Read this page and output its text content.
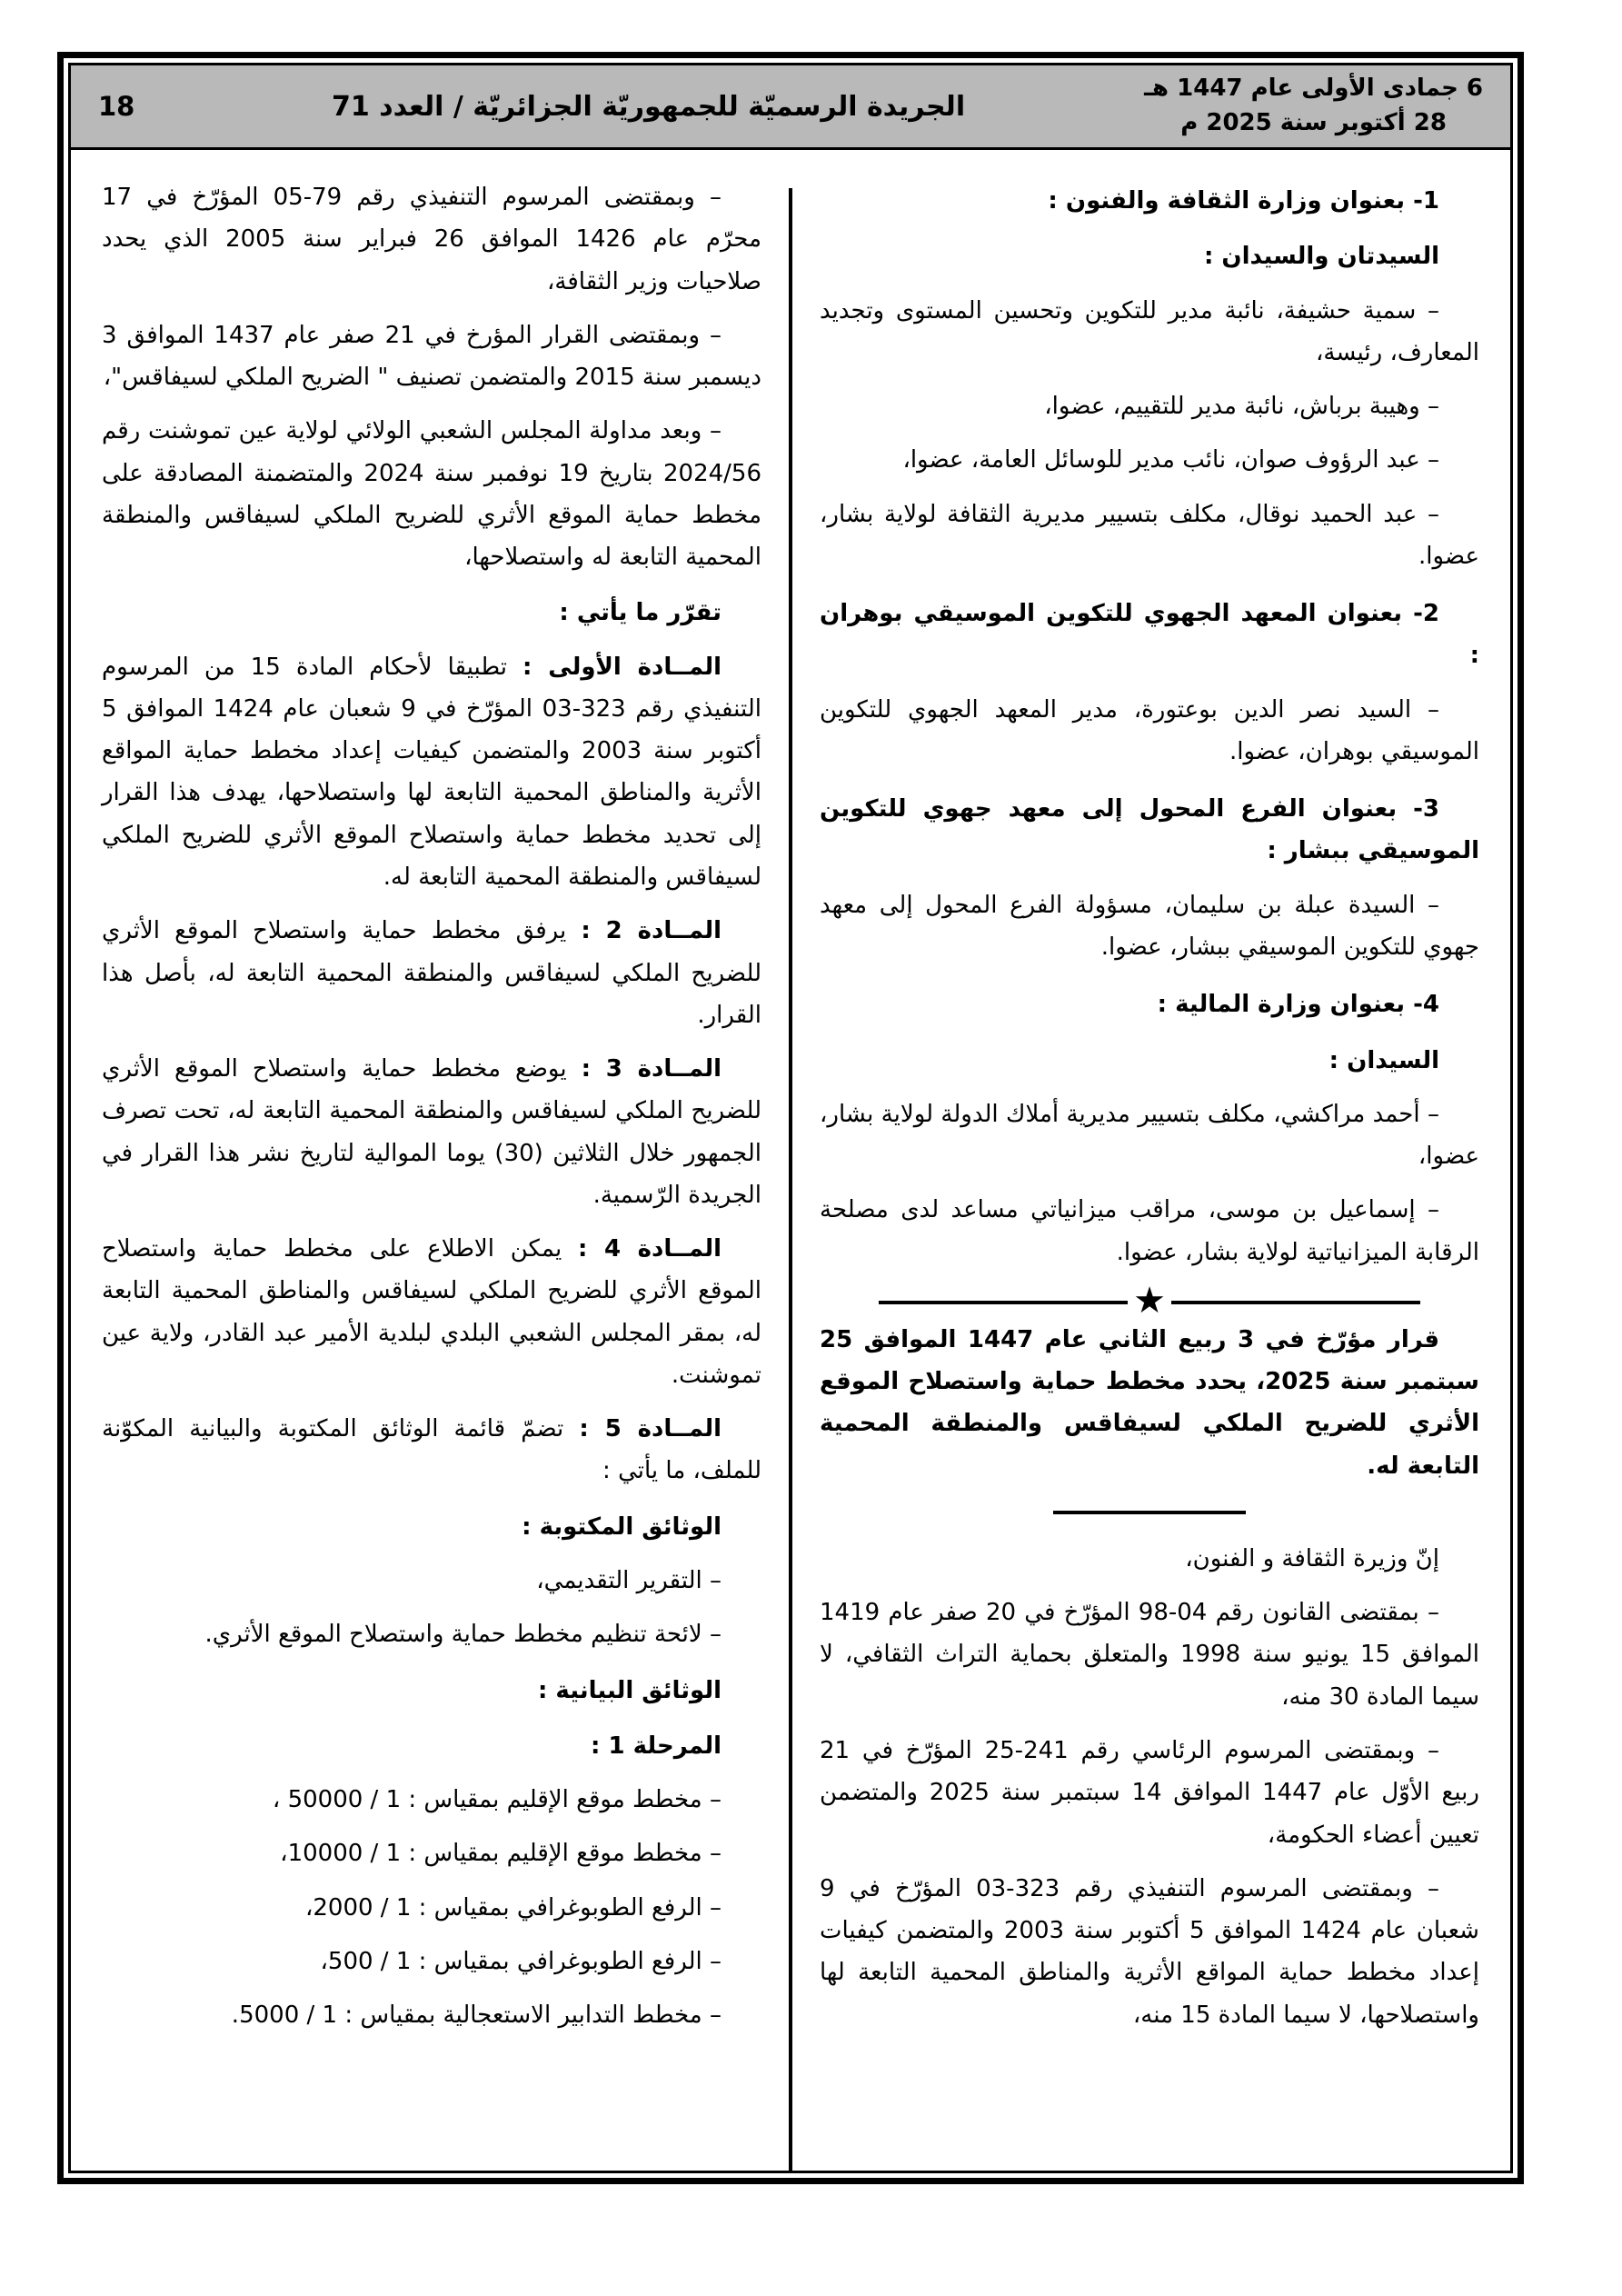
6 جمادى الأولى عام 1447 هـ
28 أكتوبر سنة 2025 م
الجريدة الرسميّة للجمهوريّة الجزائريّة / العدد 71
18

1- بعنوان وزارة الثقافة والفنون :

السيدتان والسيدان :

– سمية حشيفة، نائبة مدير للتكوين وتحسين المستوى وتجديد المعارف، رئيسة،

– وهيبة برباش، نائبة مدير للتقييم، عضوا،

– عبد الرؤوف صوان، نائب مدير للوسائل العامة، عضوا،

– عبد الحميد نوقال، مكلف بتسيير مديرية الثقافة لولاية بشار، عضوا.

2- بعنوان المعهد الجهوي للتكوين الموسيقي بوهران :

– السيد نصر الدين بوعتورة، مدير المعهد الجهوي للتكوين الموسيقي بوهران، عضوا.

3- بعنوان الفرع المحول إلى معهد جهوي للتكوين الموسيقي ببشار :

– السيدة عبلة بن سليمان، مسؤولة الفرع المحول إلى معهد جهوي للتكوين الموسيقي ببشار، عضوا.

4- بعنوان وزارة المالية :

السيدان :

– أحمد مراكشي، مكلف بتسيير مديرية أملاك الدولة لولاية بشار، عضوا،

– إسماعيل بن موسى، مراقب ميزانياتي مساعد لدى مصلحة الرقابة الميزانياتية لولاية بشار، عضوا.

★

قرار مؤرّخ في 3 ربيع الثاني عام 1447 الموافق 25 سبتمبر سنة 2025، يحدد مخطط حماية واستصلاح الموقع الأثري للضريح الملكي لسيفاقس والمنطقة المحمية التابعة له.

إنّ وزيرة الثقافة و الفنون،

– بمقتضى القانون رقم 04-98 المؤرّخ في 20 صفر عام 1419 الموافق 15 يونيو سنة 1998 والمتعلق بحماية التراث الثقافي، لا سيما المادة 30 منه،

– وبمقتضى المرسوم الرئاسي رقم 241-25 المؤرّخ في 21 ربيع الأوّل عام 1447 الموافق 14 سبتمبر سنة 2025 والمتضمن تعيين أعضاء الحكومة،

– وبمقتضى المرسوم التنفيذي رقم 323-03 المؤرّخ في 9 شعبان عام 1424 الموافق 5 أكتوبر سنة 2003 والمتضمن كيفيات إعداد مخطط حماية المواقع الأثرية والمناطق المحمية التابعة لها واستصلاحها، لا سيما المادة 15 منه،

– وبمقتضى المرسوم التنفيذي رقم 79-05 المؤرّخ في 17 محرّم عام 1426 الموافق 26 فبراير سنة 2005 الذي يحدد صلاحيات وزير الثقافة،

– وبمقتضى القرار المؤرخ في 21 صفر عام 1437 الموافق 3 ديسمبر سنة 2015 والمتضمن تصنيف " الضريح الملكي لسيفاقس"،

– وبعد مداولة المجلس الشعبي الولائي لولاية عين تموشنت رقم 2024/56 بتاريخ 19 نوفمبر سنة 2024 والمتضمنة المصادقة على مخطط حماية الموقع الأثري للضريح الملكي لسيفاقس والمنطقة المحمية التابعة له واستصلاحها،

تقرّر ما يأتي :

المــادة الأولى : تطبيقا لأحكام المادة 15 من المرسوم التنفيذي رقم 323-03 المؤرّخ في 9 شعبان عام 1424 الموافق 5 أكتوبر سنة 2003 والمتضمن كيفيات إعداد مخطط حماية المواقع الأثرية والمناطق المحمية التابعة لها واستصلاحها، يهدف هذا القرار إلى تحديد مخطط حماية واستصلاح الموقع الأثري للضريح الملكي لسيفاقس والمنطقة المحمية التابعة له.

المــادة 2 : يرفق مخطط حماية واستصلاح الموقع الأثري للضريح الملكي لسيفاقس والمنطقة المحمية التابعة له، بأصل هذا القرار.

المــادة 3 : يوضع مخطط حماية واستصلاح الموقع الأثري للضريح الملكي لسيفاقس والمنطقة المحمية التابعة له، تحت تصرف الجمهور خلال الثلاثين (30) يوما الموالية لتاريخ نشر هذا القرار في الجريدة الرّسمية.

المــادة 4 : يمكن الاطلاع على مخطط حماية واستصلاح الموقع الأثري للضريح الملكي لسيفاقس والمناطق المحمية التابعة له، بمقر المجلس الشعبي البلدي لبلدية الأمير عبد القادر، ولاية عين تموشنت.

المــادة 5 : تضمّ قائمة الوثائق المكتوبة والبيانية المكوّنة للملف، ما يأتي :

الوثائق المكتوبة :

– التقرير التقديمي،

– لائحة تنظيم مخطط حماية واستصلاح الموقع الأثري.

الوثائق البيانية :

المرحلة 1 :

– مخطط موقع الإقليم بمقياس : 1 / 50000 ،

– مخطط موقع الإقليم بمقياس : 1 / 10000،

– الرفع الطوبوغرافي بمقياس : 1 / 2000،

– الرفع الطوبوغرافي بمقياس : 1 / 500،

– مخطط التدابير الاستعجالية بمقياس : 1 / 5000.
